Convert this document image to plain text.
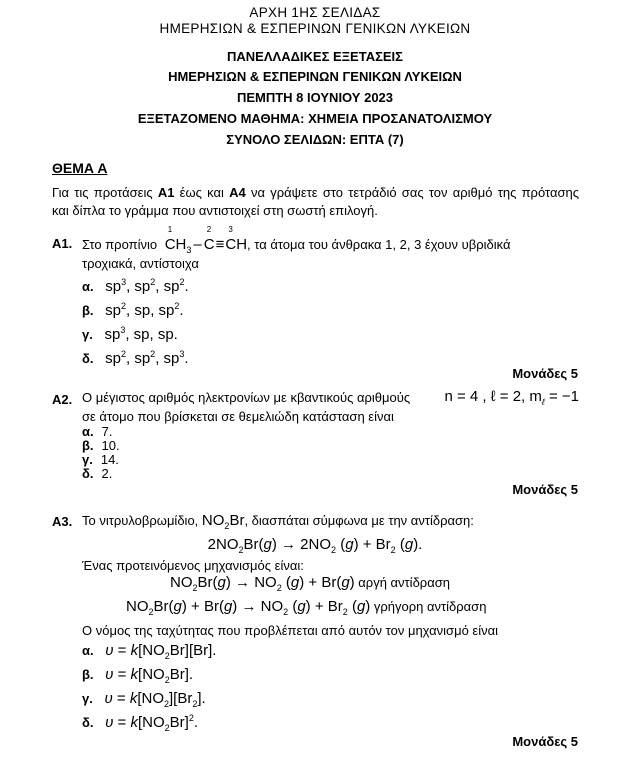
ΑΡΧΗ 1ΗΣ ΣΕΛΙΔΑΣ
ΗΜΕΡΗΣΙΩΝ & ΕΣΠΕΡΙΝΩΝ ΓΕΝΙΚΩΝ ΛΥΚΕΙΩΝ
ΠΑΝΕΛΛΑΔΙΚΕΣ ΕΞΕΤΑΣΕΙΣ
ΗΜΕΡΗΣΙΩΝ & ΕΣΠΕΡΙΝΩΝ ΓΕΝΙΚΩΝ ΛΥΚΕΙΩΝ
ΠΕΜΠΤΗ 8 ΙΟΥΝΙΟΥ 2023
ΕΞΕΤΑΖΟΜΕΝΟ ΜΑΘΗΜΑ: ΧΗΜΕΙΑ ΠΡΟΣΑΝΑΤΟΛΙΣΜΟΥ
ΣΥΝΟΛΟ ΣΕΛΙΔΩΝ: ΕΠΤΑ (7)
ΘΕΜΑ Α
Για τις προτάσεις Α1 έως και Α4 να γράψετε στο τετράδιό σας τον αριθμό της πρότασης
και δίπλα το γράμμα που αντιστοιχεί στη σωστή επιλογή.
Α1. Στο προπίνιο
1
$CH_3$ –
2
C≡
3
CH, τα άτομα του άνθρακα 1, 2, 3 έχουν υβριδικά
τροχιακά, αντίστοιχα
α. $sp^3$, $sp^2$, $sp^2$.
β. $sp^2$, sp, $sp^2$.
γ. $sp^3$, sp, sp.
δ. $sp^2$, $sp^2$, $sp^3$.
Μονάδες 5
Α2. Ο μέγιστος αριθμός ηλεκτρονίων με κβαντικούς αριθμούς n = 4 , ℓ = 2, $m_\ell = -1$
σε άτομο που βρίσκεται σε θεμελιώδη κατάσταση είναι
α. 7.
β. 10.
γ. 14.
δ. 2.
Μονάδες 5
Α3. Το νιτρυλοβρωμίδιο, $NO_2Br$, διασπάται σύμφωνα με την αντίδραση:
$2NO_2Br(g) \to 2NO_2$ $(g) + Br_2$ (g).
Ένας προτεινόμενος μηχανισμός είναι:
$NO_2Br(g) \to NO_2$ (g) + Br(g) αργή αντίδραση
$NO_2Br(g) + Br(g) \to NO_2$ $(g) + Br_2$ (g) γρήγορη αντίδραση
Ο νόμος της ταχύτητας που προβλέπεται από αυτόν τον μηχανισμό είναι
α. $\upsilon = k[NO_2Br][Br]$.
β. $\upsilon = k[NO_2Br]$.
γ. $\upsilon = k[NO_2][Br_2]$.
δ. $\upsilon = k[NO_2Br]^2$.
Μονάδες 5
